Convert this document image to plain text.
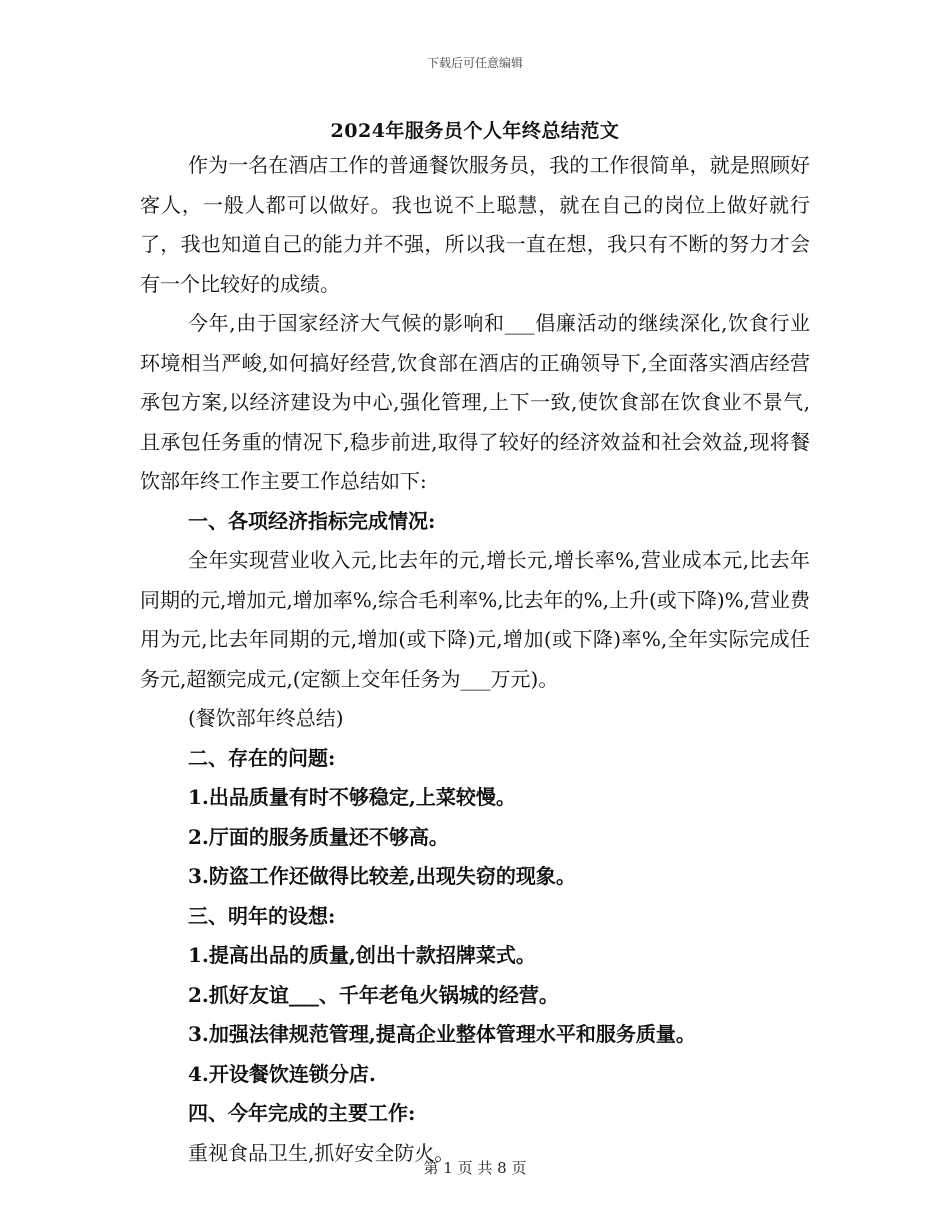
下载后可任意编辑
2024年服务员个人年终总结范文

作为一名在酒店工作的普通餐饮服务员，我的工作很简单，就是照顾好客人，一般人都可以做好。我也说不上聪慧，就在自己的岗位上做好就行了，我也知道自己的能力并不强，所以我一直在想，我只有不断的努力才会有一个比较好的成绩。

今年,由于国家经济大气候的影响和___倡廉活动的继续深化,饮食行业环境相当严峻,如何搞好经营,饮食部在酒店的正确领导下,全面落实酒店经营承包方案,以经济建设为中心,强化管理,上下一致,使饮食部在饮食业不景气,且承包任务重的情况下,稳步前进,取得了较好的经济效益和社会效益,现将餐饮部年终工作主要工作总结如下:

一、各项经济指标完成情况:

全年实现营业收入元,比去年的元,增长元,增长率%,营业成本元,比去年同期的元,增加元,增加率%,综合毛利率%,比去年的%,上升(或下降)%,营业费用为元,比去年同期的元,增加(或下降)元,增加(或下降)率%,全年实际完成任务元,超额完成元,(定额上交年任务为___万元)。

(餐饮部年终总结)

二、存在的问题:

1.出品质量有时不够稳定,上菜较慢。

2.厅面的服务质量还不够高。

3.防盗工作还做得比较差,出现失窃的现象。

三、明年的设想:

1.提高出品的质量,创出十款招牌菜式。

2.抓好友谊___、千年老龟火锅城的经营。

3.加强法律规范管理,提高企业整体管理水平和服务质量。

4.开设餐饮连锁分店.

四、今年完成的主要工作:

重视食品卫生,抓好安全防火。

第 1 页 共 8 页
